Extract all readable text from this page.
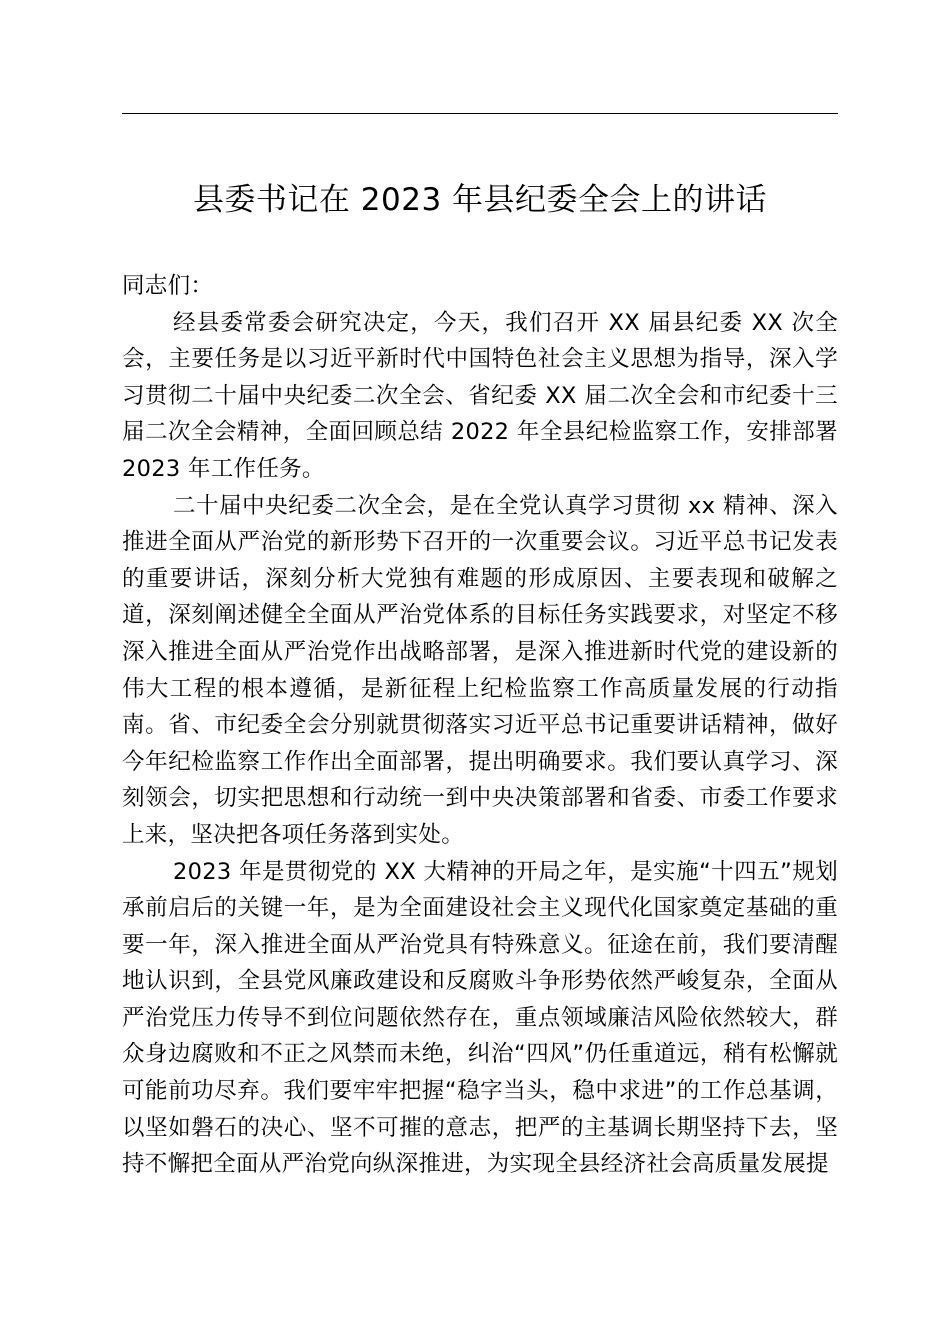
县委书记在 2023 年县纪委全会上的讲话

同志们：

经县委常委会研究决定，今天，我们召开 XX 届县纪委 XX 次全会，主要任务是以习近平新时代中国特色社会主义思想为指导，深入学习贯彻二十届中央纪委二次全会、省纪委 XX 届二次全会和市纪委十三届二次全会精神，全面回顾总结 2022 年全县纪检监察工作，安排部署 2023 年工作任务。

二十届中央纪委二次全会，是在全党认真学习贯彻 xx 精神、深入推进全面从严治党的新形势下召开的一次重要会议。习近平总书记发表的重要讲话，深刻分析大党独有难题的形成原因、主要表现和破解之道，深刻阐述健全全面从严治党体系的目标任务实践要求，对坚定不移深入推进全面从严治党作出战略部署，是深入推进新时代党的建设新的伟大工程的根本遵循，是新征程上纪检监察工作高质量发展的行动指南。省、市纪委全会分别就贯彻落实习近平总书记重要讲话精神，做好今年纪检监察工作作出全面部署，提出明确要求。我们要认真学习、深刻领会，切实把思想和行动统一到中央决策部署和省委、市委工作要求上来，坚决把各项任务落到实处。

2023 年是贯彻党的 XX 大精神的开局之年，是实施“十四五”规划承前启后的关键一年，是为全面建设社会主义现代化国家奠定基础的重要一年，深入推进全面从严治党具有特殊意义。征途在前，我们要清醒地认识到，全县党风廉政建设和反腐败斗争形势依然严峻复杂，全面从严治党压力传导不到位问题依然存在，重点领域廉洁风险依然较大，群众身边腐败和不正之风禁而未绝，纠治“四风”仍任重道远，稍有松懈就可能前功尽弃。我们要牢牢把握“稳字当头，稳中求进”的工作总基调，以坚如磐石的决心、坚不可摧的意志，把严的主基调长期坚持下去，坚持不懈把全面从严治党向纵深推进，为实现全县经济社会高质量发展提
